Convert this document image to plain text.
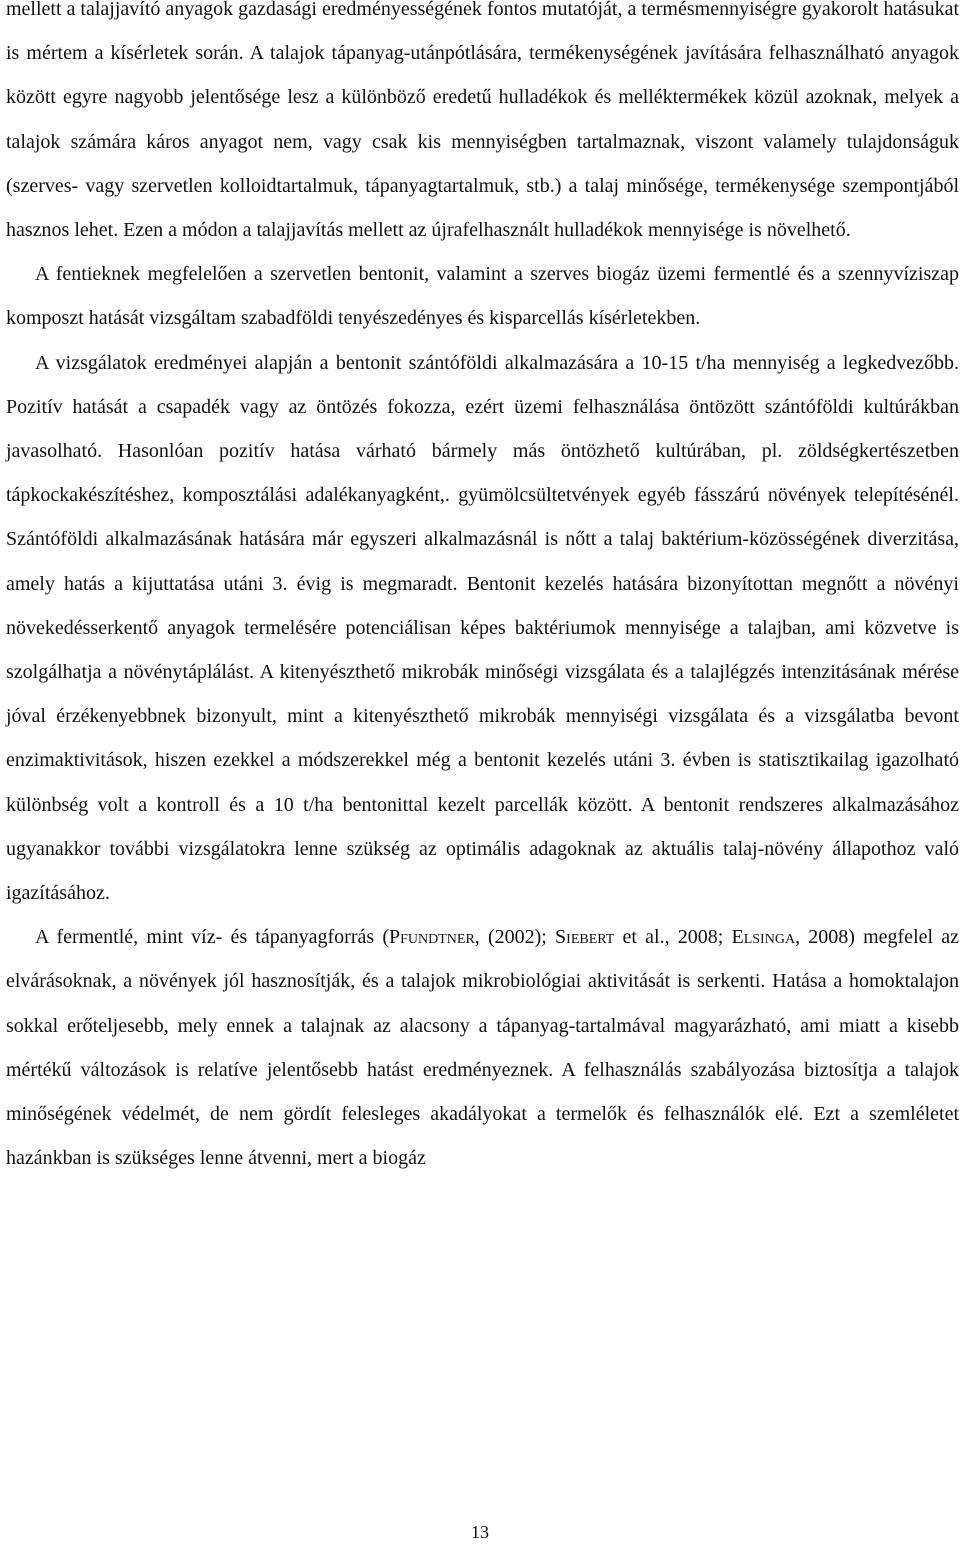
mellett a talajjavító anyagok gazdasági eredményességének fontos mutatóját, a termésmennyiségre gyakorolt hatásukat is mértem a kísérletek során. A talajok tápanyag-utánpótlására, termékenységének javítására felhasználható anyagok között egyre nagyobb jelentősége lesz a különböző eredetű hulladékok és melléktermékek közül azoknak, melyek a talajok számára káros anyagot nem, vagy csak kis mennyiségben tartalmaznak, viszont valamely tulajdonságuk (szerves- vagy szervetlen kolloidtartalmuk, tápanyagtartalmuk, stb.) a talaj minősége, termékenysége szempontjából hasznos lehet. Ezen a módon a talajjavítás mellett az újrafelhasznált hulladékok mennyisége is növelhető.

A fentieknek megfelelően a szervetlen bentonit, valamint a szerves biogáz üzemi fermentlé és a szennyvíziszap komposzt hatását vizsgáltam szabadföldi tenyészedényes és kisparcellás kísérletekben.

A vizsgálatok eredményei alapján a bentonit szántóföldi alkalmazására a 10-15 t/ha mennyiség a legkedvezőbb. Pozitív hatását a csapadék vagy az öntözés fokozza, ezért üzemi felhasználása öntözött szántóföldi kultúrákban javasolható. Hasonlóan pozitív hatása várható bármely más öntözhető kultúrában, pl. zöldségkertészetben tápkockakészítéshez, komposztálási adalékanyagként,. gyümölcsültetvények egyéb fásszárú növények telepítésénél. Szántóföldi alkalmazásának hatására már egyszeri alkalmazásnál is nőtt a talaj baktérium-közösségének diverzitása, amely hatás a kijuttatása utáni 3. évig is megmaradt. Bentonit kezelés hatására bizonyítottan megnőtt a növényi növekedésserkentő anyagok termelésére potenciálisan képes baktériumok mennyisége a talajban, ami közvetve is szolgálhatja a növénytáplálást. A kitenyészthető mikrobák minőségi vizsgálata és a talajlégzés intenzitásának mérése jóval érzékenyebbnek bizonyult, mint a kitenyészthető mikrobák mennyiségi vizsgálata és a vizsgálatba bevont enzimaktivitások, hiszen ezekkel a módszerekkel még a bentonit kezelés utáni 3. évben is statisztikailag igazolható különbség volt a kontroll és a 10 t/ha bentonittal kezelt parcellák között. A bentonit rendszeres alkalmazásához ugyanakkor további vizsgálatokra lenne szükség az optimális adagoknak az aktuális talaj-növény állapothoz való igazításához.

A fermentlé, mint víz- és tápanyagforrás (Pfundtner, (2002); Siebert et al., 2008; Elsinga, 2008) megfelel az elvárásoknak, a növények jól hasznosítják, és a talajok mikrobiológiai aktivitását is serkenti. Hatása a homoktalajon sokkal erőteljesebb, mely ennek a talajnak az alacsony a tápanyag-tartalmával magyarázható, ami miatt a kisebb mértékű változások is relatíve jelentősebb hatást eredményeznek. A felhasználás szabályozása biztosítja a talajok minőségének védelmét, de nem gördít felesleges akadályokat a termelők és felhasználók elé. Ezt a szemléletet hazánkban is szükséges lenne átvenni, mert a biogáz

13
